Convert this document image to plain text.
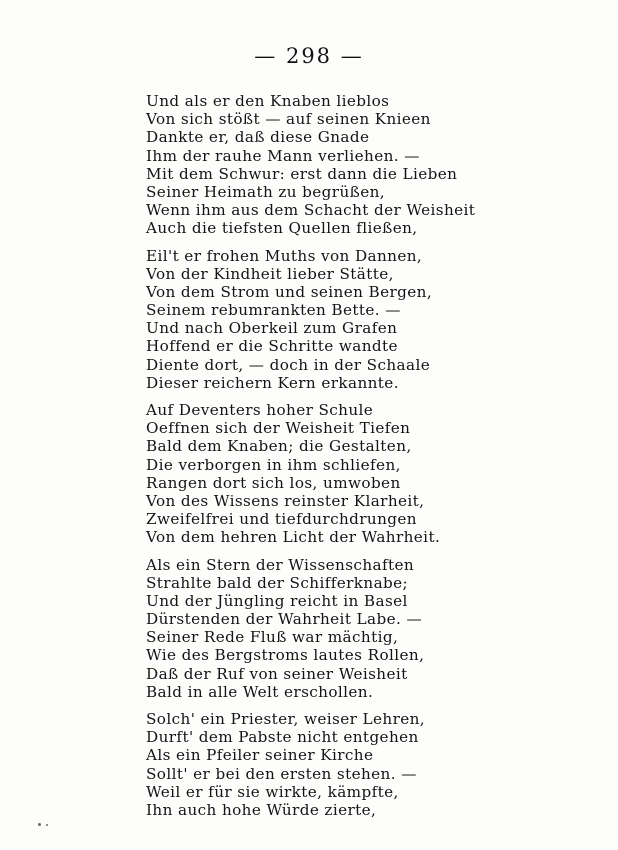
— 298 —
Und als er den Knaben lieblos
Von sich stößt — auf seinen Knieen
Dankte er, daß diese Gnade
Ihm der rauhe Mann verliehen. —
Mit dem Schwur: erst dann die Lieben
Seiner Heimath zu begrüßen,
Wenn ihm aus dem Schacht der Weisheit
Auch die tiefsten Quellen fließen,
Eil't er frohen Muths von Dannen,
Von der Kindheit lieber Stätte,
Von dem Strom und seinen Bergen,
Seinem rebumrankten Bette. —
Und nach Oberkeil zum Grafen
Hoffend er die Schritte wandte
Diente dort, — doch in der Schaale
Dieser reichern Kern erkannte.
Auf Deventers hoher Schule
Oeffnen sich der Weisheit Tiefen
Bald dem Knaben; die Gestalten,
Die verborgen in ihm schliefen,
Rangen dort sich los, umwoben
Von des Wissens reinster Klarheit,
Zweifelfrei und tiefdurchdrungen
Von dem hehren Licht der Wahrheit.
Als ein Stern der Wissenschaften
Strahlte bald der Schifferknabe;
Und der Jüngling reicht in Basel
Dürstenden der Wahrheit Labe. —
Seiner Rede Fluß war mächtig,
Wie des Bergstroms lautes Rollen,
Daß der Ruf von seiner Weisheit
Bald in alle Welt erschollen.
Solch' ein Priester, weiser Lehren,
Durft' dem Pabste nicht entgehen
Als ein Pfeiler seiner Kirche
Sollt' er bei den ersten stehen. —
Weil er für sie wirkte, kämpfte,
Ihn auch hohe Würde zierte,
